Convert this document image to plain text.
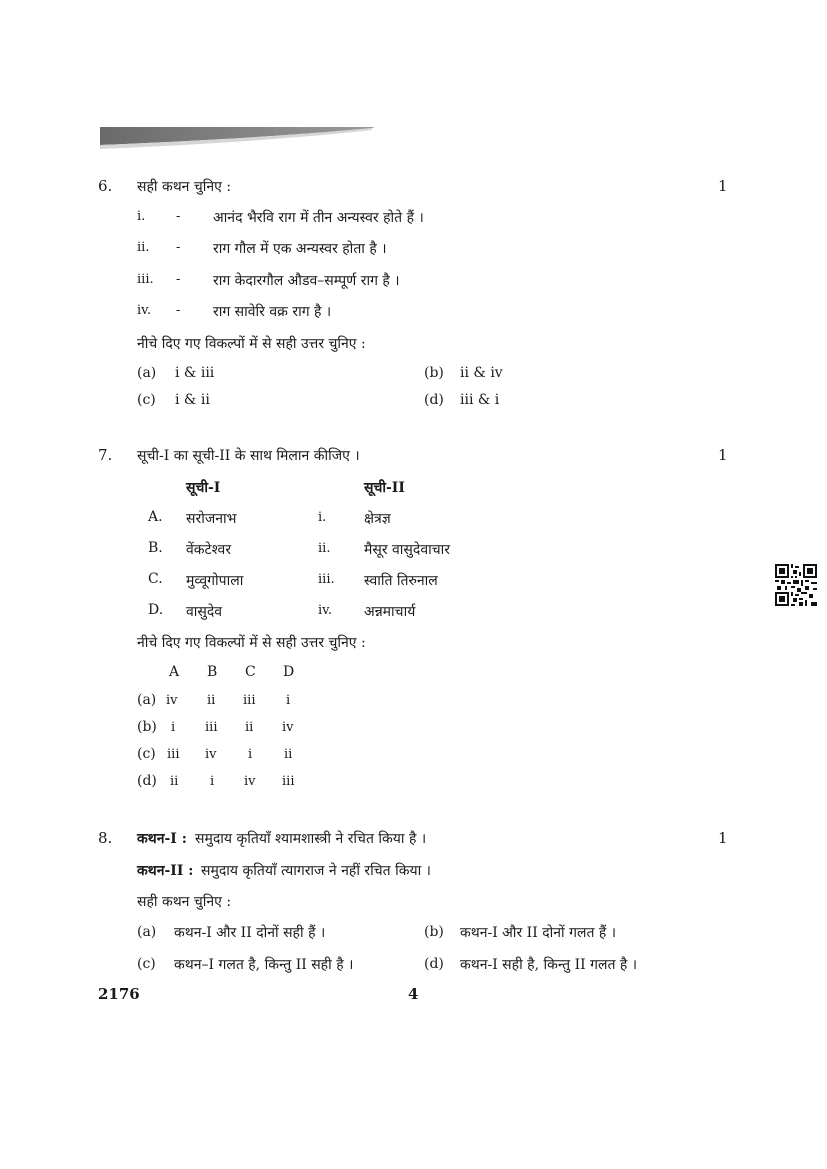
6. सही कथन चुनिए :	1
i. - आनंद भैरवि राग में तीन अन्यस्वर होते हैं ।
ii. - राग गौल में एक अन्यस्वर होता है ।
iii. - राग केदारगौल औडव–सम्पूर्ण राग है ।
iv. - राग सावेरि वक्र राग है ।
नीचे दिए गए विकल्पों में से सही उत्तर चुनिए :
(a) i & iii	(b) ii & iv
(c) i & ii	(d) iii & i
7. सूची-I का सूची-II के साथ मिलान कीजिए ।	1
सूची-I	सूची-II
A. सरोजनाभ	i.	क्षेत्रज्ञ
B. वेंकटेश्वर	ii. मैसूर वासुदेवाचार
C. मुव्वूगोपाला	iii. स्वाति तिरुनाल
D. वासुदेव	iv. अन्नमाचार्य
नीचे दिए गए विकल्पों में से सही उत्तर चुनिए :
A B C D
(a) iv ii iii i
(b) i iii ii iv
(c) iii iv i ii
(d) ii i iv iii
8. कथन-I : समुदाय कृतियाँ श्यामशास्त्री ने रचित किया है ।	1
कथन-II : समुदाय कृतियाँ त्यागराज ने नहीं रचित किया ।
सही कथन चुनिए :
(a) कथन-I और II दोनों सही हैं ।	(b) कथन-I और II दोनों गलत हैं ।
(c) कथन–I गलत है, किन्तु II सही है ।	(d) कथन-I सही है, किन्तु II गलत है ।
2176	4
